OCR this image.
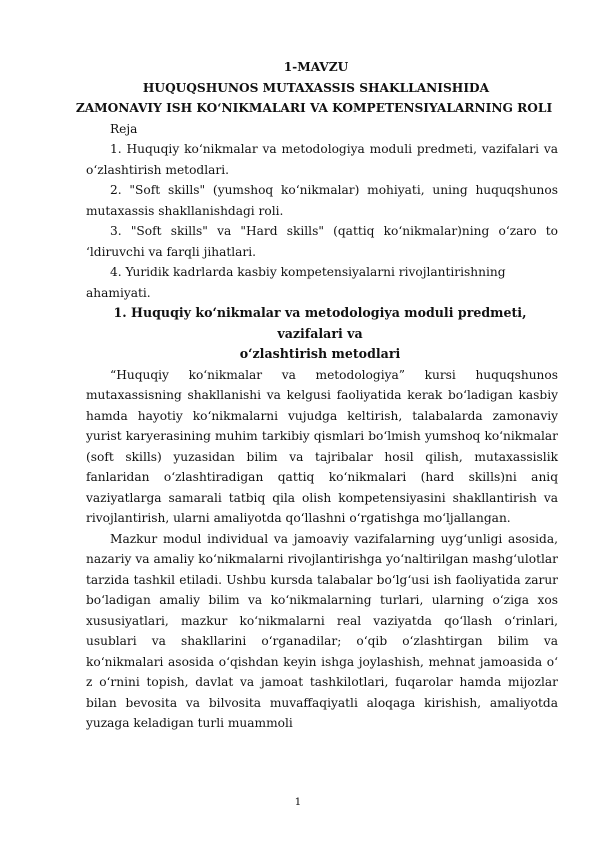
1-MAVZU

HUQUQSHUNOS MUTAXASSIS SHAKLLANISHIDA

ZAMONAVIY ISH KO‘NIKMALARI VA KOMPETENSIYALARNING ROLI

Reja

1. Huquqiy ko‘nikmalar va metodologiya moduli predmeti, vazifalari va o‘zlashtirish metodlari.

2. "Soft skills" (yumshoq ko‘nikmalar) mohiyati, uning huquqshunos mutaxassis shakllanishdagi roli.

3. "Soft skills" va "Hard skills" (qattiq ko‘nikmalar)ning o‘zaro to ‘ldiruvchi va farqli jihatlari.

4. Yuridik kadrlarda kasbiy kompetensiyalarni rivojlantirishning ahamiyati.

1. Huquqiy ko‘nikmalar va metodologiya moduli predmeti, vazifalari va

o‘zlashtirish metodlari

“Huquqiy ko‘nikmalar va metodologiya” kursi huquqshunos mutaxassisning shakllanishi va kelgusi faoliyatida kerak bo‘ladigan kasbiy hamda hayotiy ko‘nikmalarni vujudga keltirish, talabalarda zamonaviy yurist karyerasining muhim tarkibiy qismlari bo‘lmish yumshoq ko‘nikmalar (soft skills) yuzasidan bilim va tajribalar hosil qilish, mutaxassislik fanlaridan o‘zlashtiradigan qattiq ko‘nikmalari (hard skills)ni aniq vaziyatlarga samarali tatbiq qila olish kompetensiyasini shakllantirish va rivojlantirish, ularni amaliyotda qo‘llashni o‘rgatishga mo‘ljallangan.

Mazkur modul individual va jamoaviy vazifalarning uyg‘unligi asosida, nazariy va amaliy ko‘nikmalarni rivojlantirishga yo‘naltirilgan mashg‘ulotlar tarzida tashkil etiladi. Ushbu kursda talabalar bo‘lg‘usi ish faoliyatida zarur bo‘ladigan amaliy bilim va ko‘nikmalarning turlari, ularning o‘ziga xos xususiyatlari, mazkur ko‘nikmalarni real vaziyatda qo‘llash o‘rinlari, usublari va shakllarini o‘rganadilar; o‘qib o‘zlashtirgan bilim va ko‘nikmalari asosida o‘qishdan keyin ishga joylashish, mehnat jamoasida o‘ z o‘rnini topish, davlat va jamoat tashkilotlari, fuqarolar hamda mijozlar bilan bevosita va bilvosita muvaffaqiyatli aloqaga kirishish, amaliyotda yuzaga keladigan turli muammoli

1
